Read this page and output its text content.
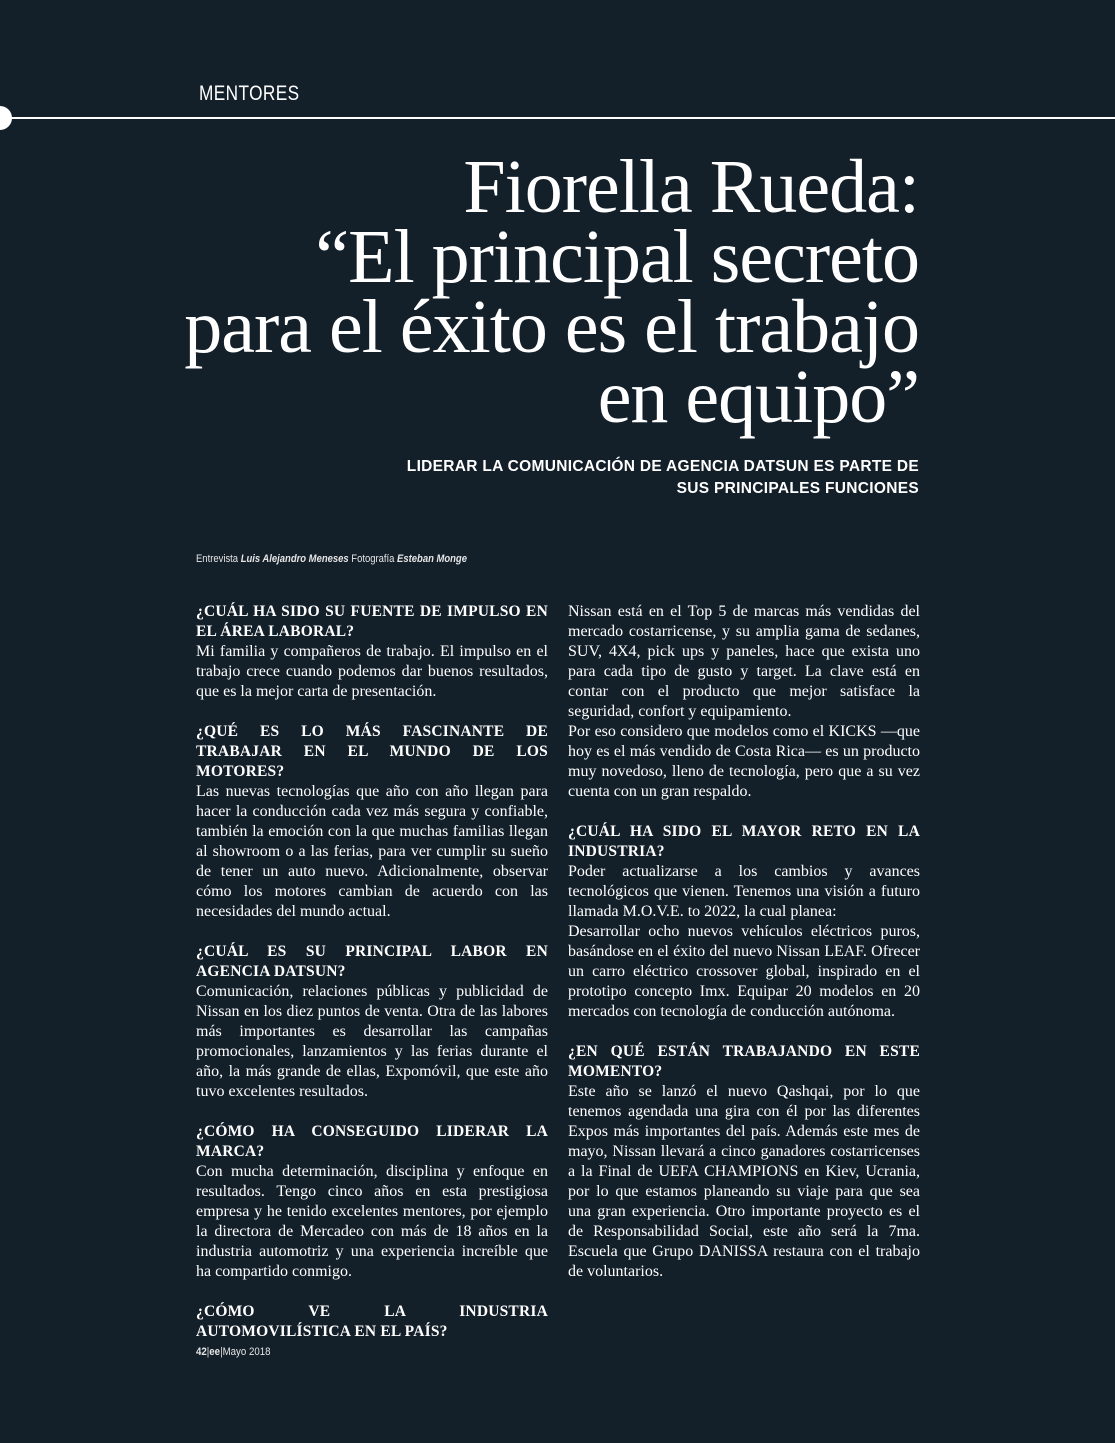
MENTORES
Fiorella Rueda:
“El principal secreto
para el éxito es el trabajo
en equipo”
LIDERAR LA COMUNICACIÓN DE AGENCIA DATSUN ES PARTE DE
SUS PRINCIPALES FUNCIONES
Entrevista Luis Alejandro Meneses Fotografía Esteban Monge
¿CUÁL HA SIDO SU FUENTE DE IMPULSO EN EL ÁREA LABORAL?
Mi familia y compañeros de trabajo. El impulso en el trabajo crece cuando podemos dar buenos resultados, que es la mejor carta de presentación.
¿QUÉ ES LO MÁS FASCINANTE DE TRABAJAR EN EL MUNDO DE LOS MOTORES?
Las nuevas tecnologías que año con año llegan para hacer la conducción cada vez más segura y confiable, también la emoción con la que muchas familias llegan al showroom o a las ferias, para ver cumplir su sueño de tener un auto nuevo. Adicionalmente, observar cómo los motores cambian de acuerdo con las necesidades del mundo actual.
¿CUÁL ES SU PRINCIPAL LABOR EN AGENCIA DATSUN?
Comunicación, relaciones públicas y publicidad de Nissan en los diez puntos de venta. Otra de las labores más importantes es desarrollar las campañas promocionales, lanzamientos y las ferias durante el año, la más grande de ellas, Expomóvil, que este año tuvo excelentes resultados.
¿CÓMO HA CONSEGUIDO LIDERAR LA MARCA?
Con mucha determinación, disciplina y enfoque en resultados. Tengo cinco años en esta prestigiosa empresa y he tenido excelentes mentores, por ejemplo la directora de Mercadeo con más de 18 años en la industria automotriz y una experiencia increíble que ha compartido conmigo.
¿CÓMO VE LA INDUSTRIA AUTOMOVILÍSTICA EN EL PAÍS?
Nissan está en el Top 5 de marcas más vendidas del mercado costarricense, y su amplia gama de sedanes, SUV, 4X4, pick ups y paneles, hace que exista uno para cada tipo de gusto y target. La clave está en contar con el producto que mejor satisface la seguridad, confort y equipamiento.
Por eso considero que modelos como el KICKS —que hoy es el más vendido de Costa Rica— es un producto muy novedoso, lleno de tecnología, pero que a su vez cuenta con un gran respaldo.
¿CUÁL HA SIDO EL MAYOR RETO EN LA INDUSTRIA?
Poder actualizarse a los cambios y avances tecnológicos que vienen. Tenemos una visión a futuro llamada M.O.V.E. to 2022, la cual planea:
Desarrollar ocho nuevos vehículos eléctricos puros, basándose en el éxito del nuevo Nissan LEAF. Ofrecer un carro eléctrico crossover global, inspirado en el prototipo concepto Imx. Equipar 20 modelos en 20 mercados con tecnología de conducción autónoma.
¿EN QUÉ ESTÁN TRABAJANDO EN ESTE MOMENTO?
Este año se lanzó el nuevo Qashqai, por lo que tenemos agendada una gira con él por las diferentes Expos más importantes del país. Además este mes de mayo, Nissan llevará a cinco ganadores costarricenses a la Final de UEFA CHAMPIONS en Kiev, Ucrania, por lo que estamos planeando su viaje para que sea una gran experiencia. Otro importante proyecto es el de Responsabilidad Social, este año será la 7ma. Escuela que Grupo DANISSA restaura con el trabajo de voluntarios.
42|ee|Mayo 2018
